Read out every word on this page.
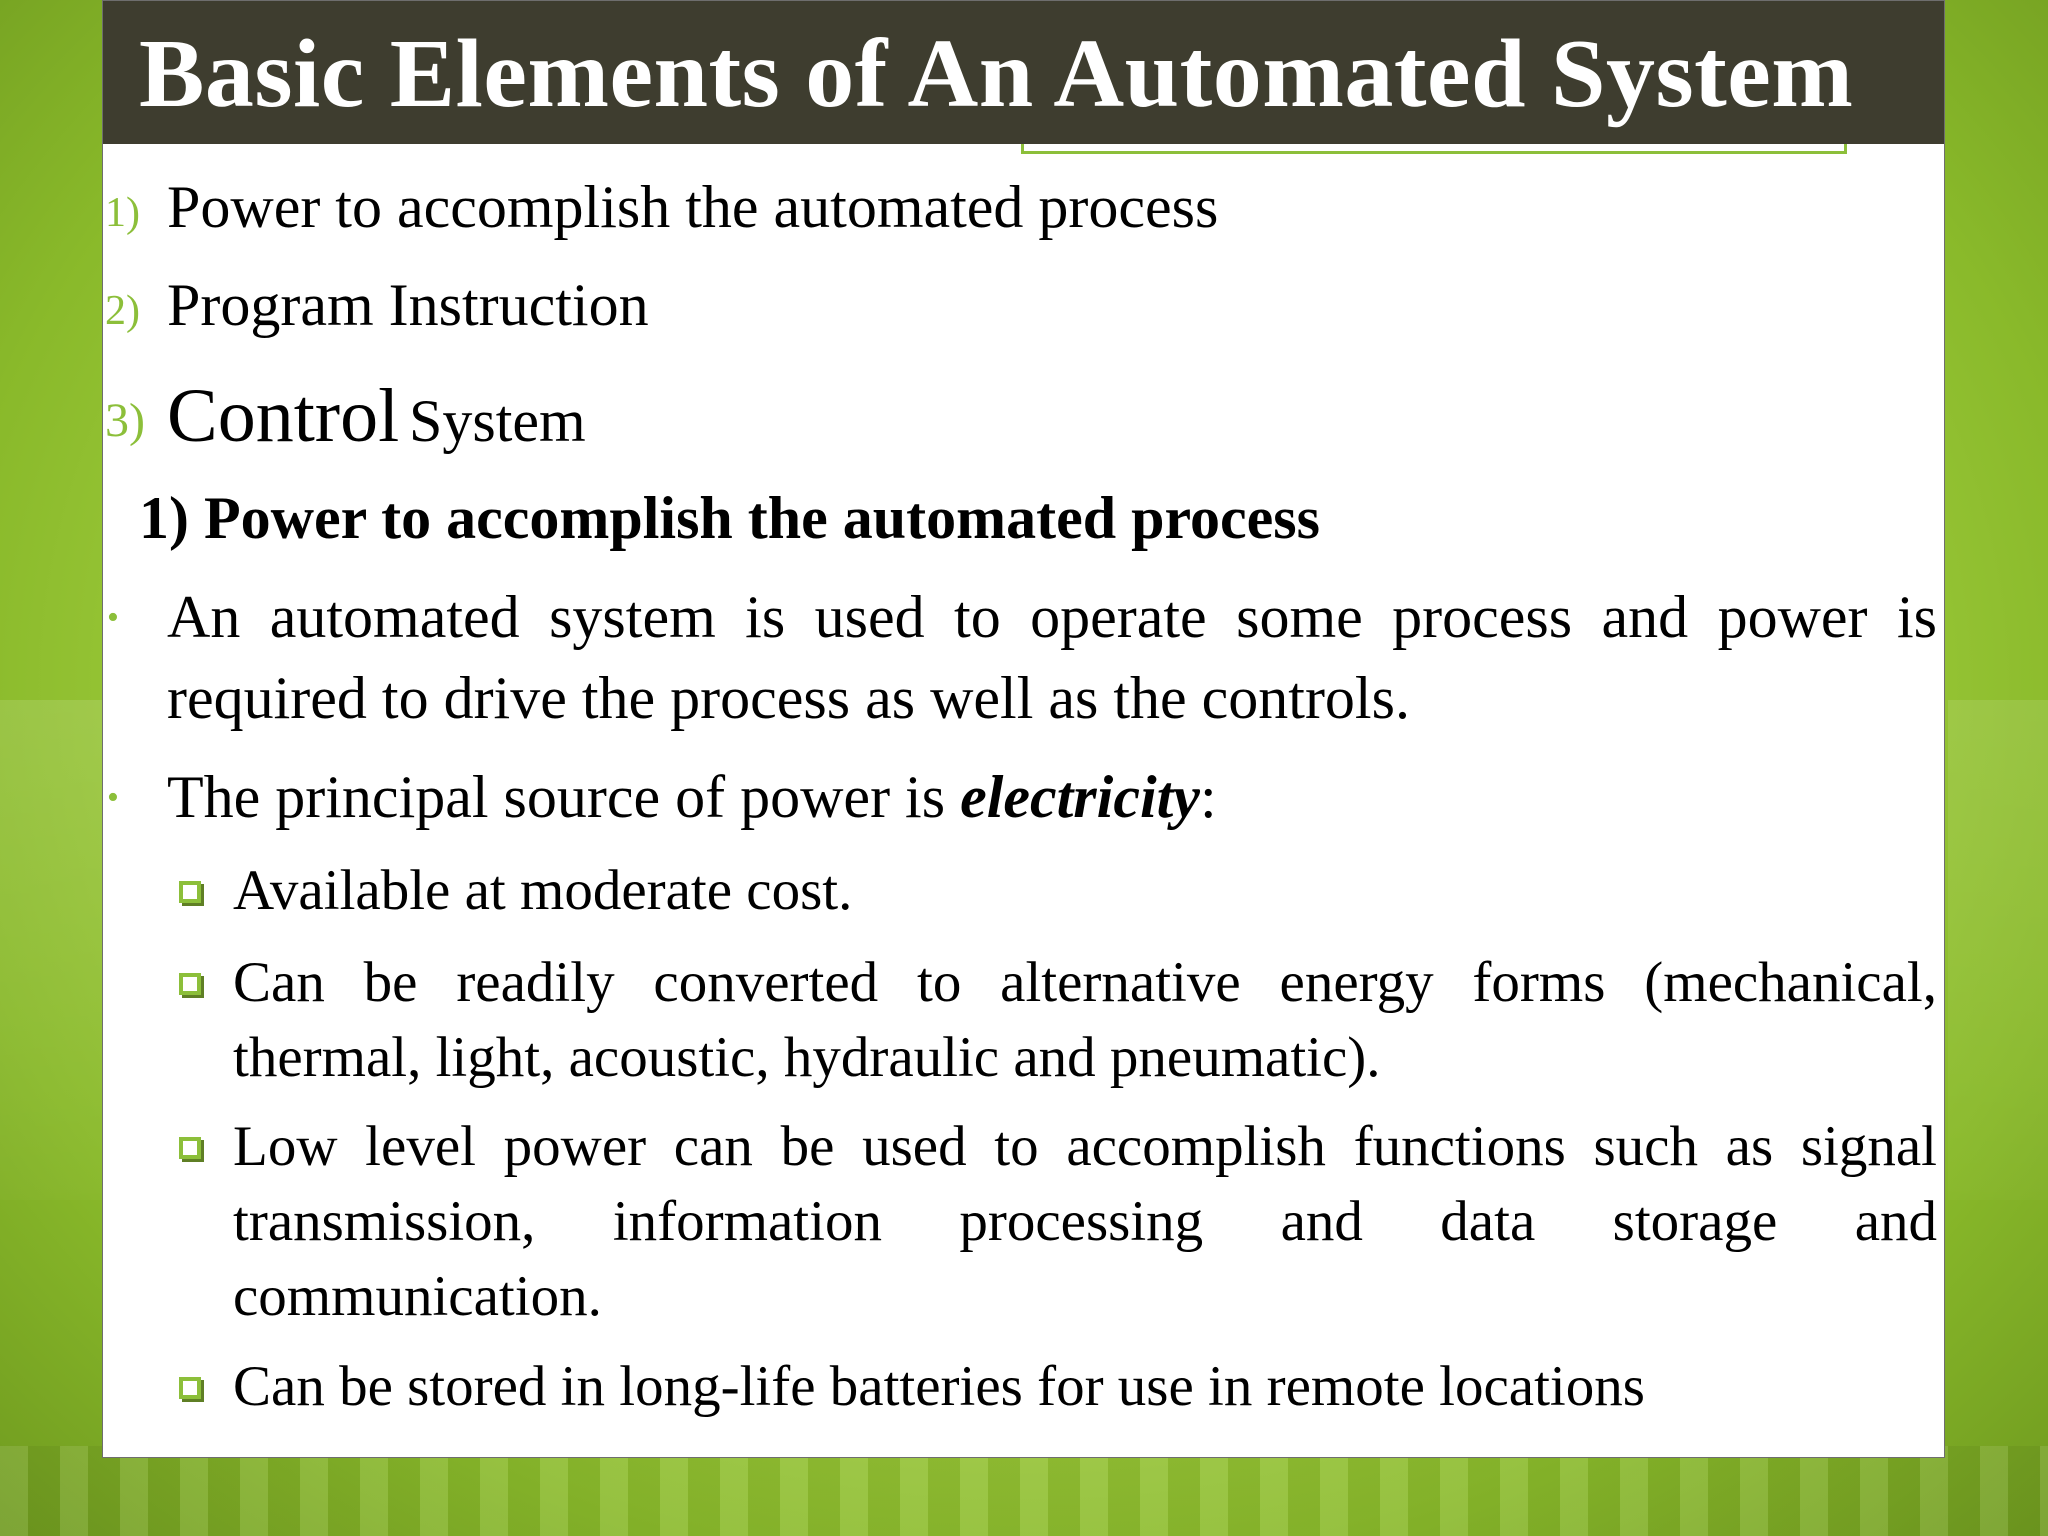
Basic Elements of An Automated System
1) Power to accomplish the automated process
2) Program Instruction
3) Control System
1) Power to accomplish the automated process
• An automated system is used to operate some process and power is required to drive the process as well as the controls.

• The principal source of power is electricity:

Available at moderate cost.

Can be readily converted to alternative energy forms (mechanical, thermal, light, acoustic, hydraulic and pneumatic).

Low level power can be used to accomplish functions such as signal transmission, information processing and data storage and communication.

Can be stored in long-life batteries for use in remote locations
